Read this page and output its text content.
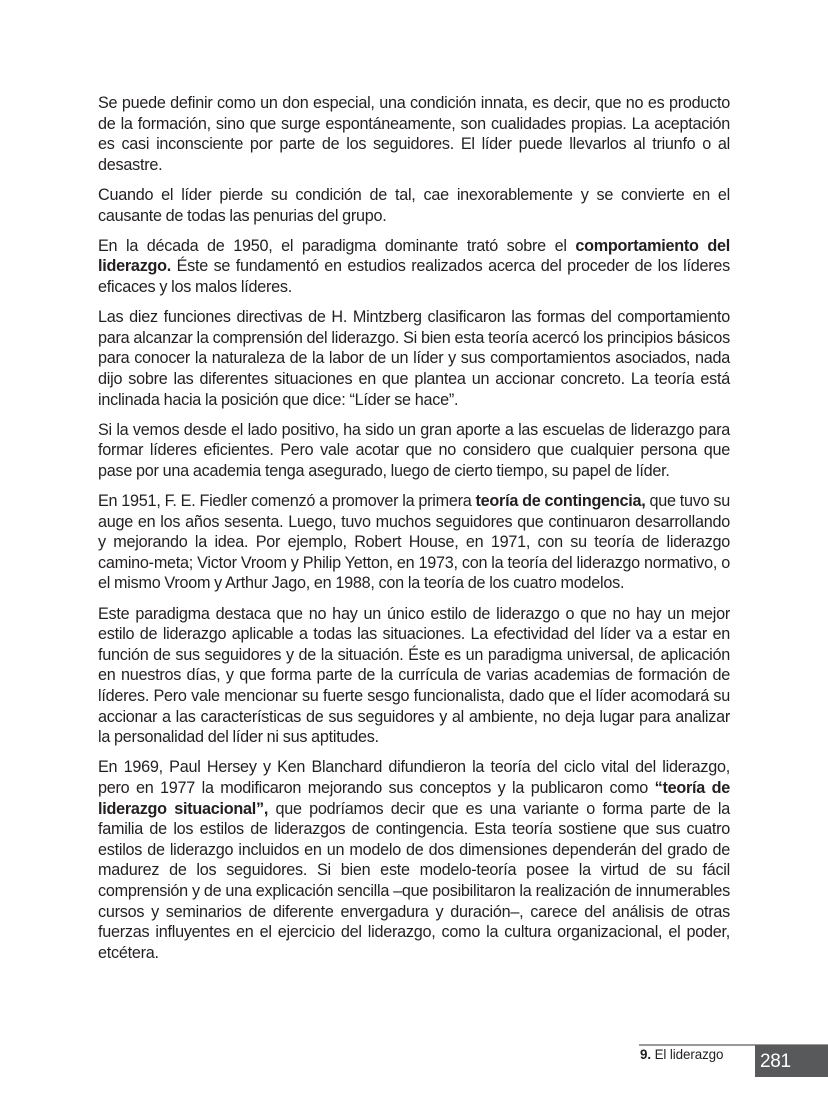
Se puede definir como un don especial, una condición innata, es decir, que no es producto de la formación, sino que surge espontáneamente, son cualidades propias. La aceptación es casi inconsciente por parte de los seguidores. El líder puede llevarlos al triunfo o al desastre.

Cuando el líder pierde su condición de tal, cae inexorablemente y se convierte en el causante de todas las penurias del grupo.

En la década de 1950, el paradigma dominante trató sobre el comportamiento del liderazgo. Éste se fundamentó en estudios realizados acerca del proceder de los líderes eficaces y los malos líderes.

Las diez funciones directivas de H. Mintzberg clasificaron las formas del comportamiento para alcanzar la comprensión del liderazgo. Si bien esta teoría acercó los principios básicos para conocer la naturaleza de la labor de un líder y sus comportamientos asociados, nada dijo sobre las diferentes situaciones en que plantea un accionar concreto. La teoría está inclinada hacia la posición que dice: “Líder se hace”.

Si la vemos desde el lado positivo, ha sido un gran aporte a las escuelas de liderazgo para formar líderes eficientes. Pero vale acotar que no considero que cualquier persona que pase por una academia tenga asegurado, luego de cierto tiempo, su papel de líder.

En 1951, F. E. Fiedler comenzó a promover la primera teoría de contingencia, que tuvo su auge en los años sesenta. Luego, tuvo muchos seguidores que continuaron desarrollando y mejorando la idea. Por ejemplo, Robert House, en 1971, con su teoría de liderazgo camino-meta; Victor Vroom y Philip Yetton, en 1973, con la teoría del liderazgo normativo, o el mismo Vroom y Arthur Jago, en 1988, con la teoría de los cuatro modelos.

Este paradigma destaca que no hay un único estilo de liderazgo o que no hay un mejor estilo de liderazgo aplicable a todas las situaciones. La efectividad del líder va a estar en función de sus seguidores y de la situación. Éste es un paradigma universal, de aplicación en nuestros días, y que forma parte de la currícula de varias academias de formación de líderes. Pero vale mencionar su fuerte sesgo funcionalista, dado que el líder acomodará su accionar a las características de sus seguidores y al ambiente, no deja lugar para analizar la personalidad del líder ni sus aptitudes.

En 1969, Paul Hersey y Ken Blanchard difundieron la teoría del ciclo vital del liderazgo, pero en 1977 la modificaron mejorando sus conceptos y la publicaron como “teoría de liderazgo situacional”, que podríamos decir que es una variante o forma parte de la familia de los estilos de liderazgos de contingencia. Esta teoría sostiene que sus cuatro estilos de liderazgo incluidos en un modelo de dos dimensiones dependerán del grado de madurez de los seguidores. Si bien este modelo-teoría posee la virtud de su fácil comprensión y de una explicación sencilla –que posibilitaron la realización de innumerables cursos y seminarios de diferente envergadura y duración–, carece del análisis de otras fuerzas influyentes en el ejercicio del liderazgo, como la cultura organizacional, el poder, etcétera.

9. El liderazgo 281
